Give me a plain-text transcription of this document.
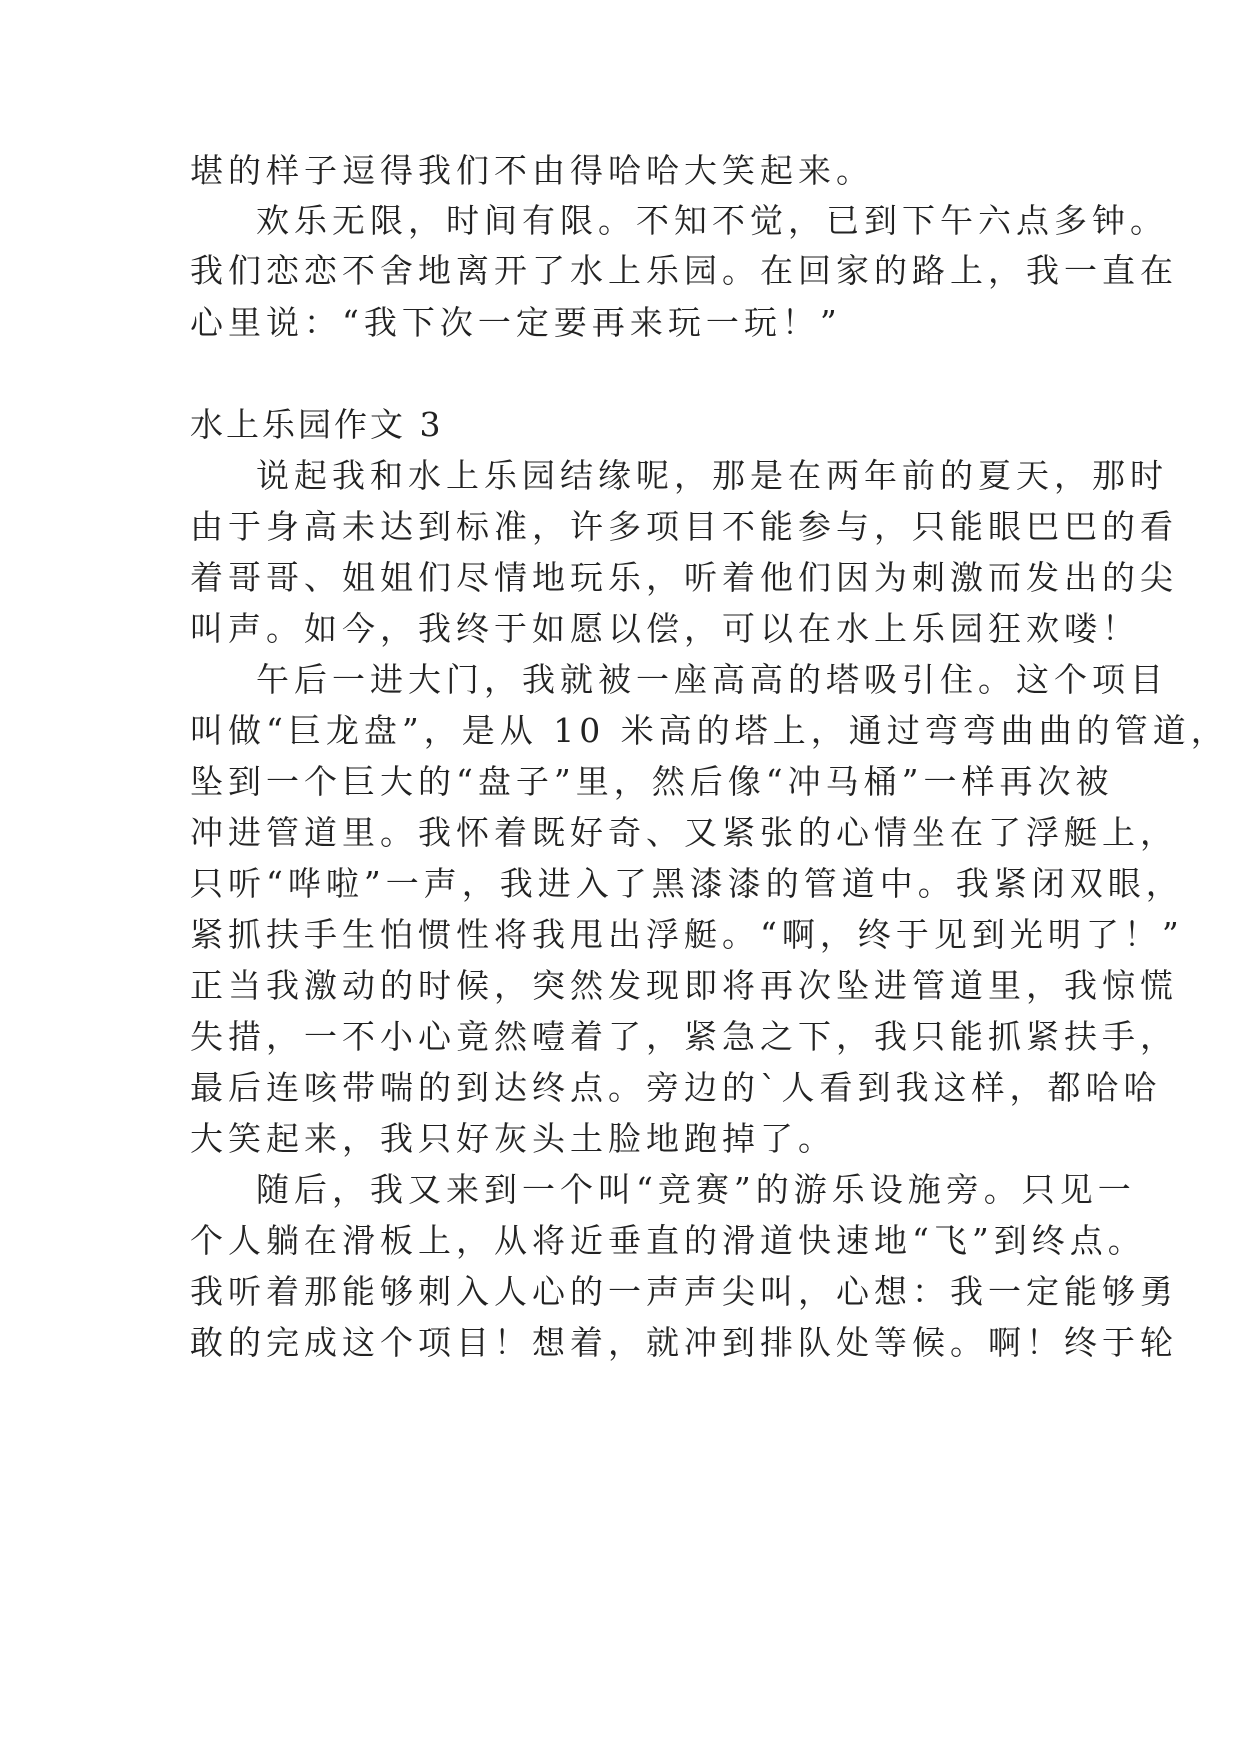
堪的样子逗得我们不由得哈哈大笑起来。
欢乐无限，时间有限。不知不觉，已到下午六点多钟。
我们恋恋不舍地离开了水上乐园。在回家的路上，我一直在
心里说：“我下次一定要再来玩一玩！”
水上乐园作文 3
说起我和水上乐园结缘呢，那是在两年前的夏天，那时
由于身高未达到标准，许多项目不能参与，只能眼巴巴的看
着哥哥、姐姐们尽情地玩乐，听着他们因为刺激而发出的尖
叫声。如今，我终于如愿以偿，可以在水上乐园狂欢喽！
午后一进大门，我就被一座高高的塔吸引住。这个项目
叫做“巨龙盘”，是从 10 米高的塔上，通过弯弯曲曲的管道，
坠到一个巨大的“盘子”里，然后像“冲马桶”一样再次被
冲进管道里。我怀着既好奇、又紧张的心情坐在了浮艇上，
只听“哗啦”一声，我进入了黑漆漆的管道中。我紧闭双眼，
紧抓扶手生怕惯性将我甩出浮艇。“啊，终于见到光明了！”
正当我激动的时候，突然发现即将再次坠进管道里，我惊慌
失措，一不小心竟然噎着了，紧急之下，我只能抓紧扶手，
最后连咳带喘的到达终点。旁边的`人看到我这样，都哈哈
大笑起来，我只好灰头土脸地跑掉了。
随后，我又来到一个叫“竞赛”的游乐设施旁。只见一
个人躺在滑板上，从将近垂直的滑道快速地“飞”到终点。
我听着那能够刺入人心的一声声尖叫，心想：我一定能够勇
敢的完成这个项目！想着，就冲到排队处等候。啊！终于轮
